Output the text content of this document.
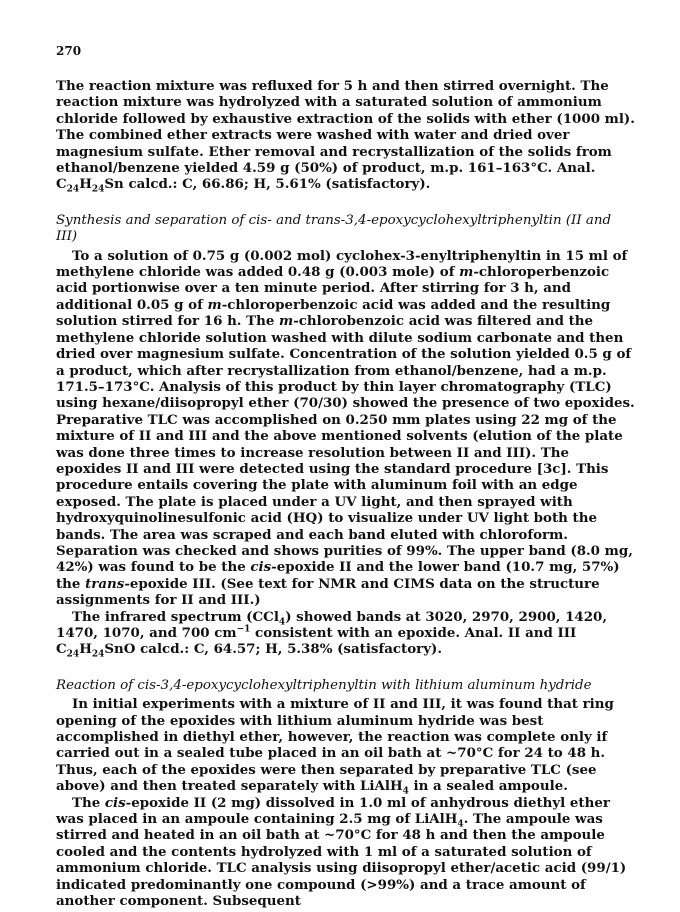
270

The reaction mixture was refluxed for 5 h and then stirred overnight. The reaction mixture was hydrolyzed with a saturated solution of ammonium chloride followed by exhaustive extraction of the solids with ether (1000 ml). The combined ether extracts were washed with water and dried over magnesium sulfate. Ether removal and recrystallization of the solids from ethanol/benzene yielded 4.59 g (50%) of product, m.p. 161–163°C. Anal. $C_{24}H_{24}Sn$ calcd.: C, 66.86; H, 5.61% (satisfactory).

Synthesis and separation of cis- and trans-3,4-epoxycyclohexyltriphenyltin (II and III)

To a solution of 0.75 g (0.002 mol) cyclohex-3-enyltriphenyltin in 15 ml of methylene chloride was added 0.48 g (0.003 mole) of m-chloroperbenzoic acid portionwise over a ten minute period. After stirring for 3 h, and additional 0.05 g of m-chloroperbenzoic acid was added and the resulting solution stirred for 16 h. The m-chlorobenzoic acid was filtered and the methylene chloride solution washed with dilute sodium carbonate and then dried over magnesium sulfate. Concentration of the solution yielded 0.5 g of a product, which after recrystallization from ethanol/benzene, had a m.p. 171.5–173°C. Analysis of this product by thin layer chromatography (TLC) using hexane/diisopropyl ether (70/30) showed the presence of two epoxides. Preparative TLC was accomplished on 0.250 mm plates using 22 mg of the mixture of II and III and the above mentioned solvents (elution of the plate was done three times to increase resolution between II and III). The epoxides II and III were detected using the standard procedure [3c]. This procedure entails covering the plate with aluminum foil with an edge exposed. The plate is placed under a UV light, and then sprayed with hydroxyquinolinesulfonic acid (HQ) to visualize under UV light both the bands. The area was scraped and each band eluted with chloroform. Separation was checked and shows purities of 99%. The upper band (8.0 mg, 42%) was found to be the cis-epoxide II and the lower band (10.7 mg, 57%) the trans-epoxide III. (See text for NMR and CIMS data on the structure assignments for II and III.)

The infrared spectrum (CCl$_4$) showed bands at 3020, 2970, 2900, 1420, 1470, 1070, and 700 $cm^{-1}$ consistent with an epoxide. Anal. II and III $C_{24}H_{24}SnO$ calcd.: C, 64.57; H, 5.38% (satisfactory).

Reaction of cis-3,4-epoxycyclohexyltriphenyltin with lithium aluminum hydride

In initial experiments with a mixture of II and III, it was found that ring opening of the epoxides with lithium aluminum hydride was best accomplished in diethyl ether, however, the reaction was complete only if carried out in a sealed tube placed in an oil bath at ~70°C for 24 to 48 h. Thus, each of the epoxides were then separated by preparative TLC (see above) and then treated separately with LiAlH$_4$ in a sealed ampoule.

The cis-epoxide II (2 mg) dissolved in 1.0 ml of anhydrous diethyl ether was placed in an ampoule containing 2.5 mg of LiAlH$_4$. The ampoule was stirred and heated in an oil bath at ~70°C for 48 h and then the ampoule cooled and the contents hydrolyzed with 1 ml of a saturated solution of ammonium chloride. TLC analysis using diisopropyl ether/acetic acid (99/1) indicated predominantly one compound (>99%) and a trace amount of another component. Subsequent
